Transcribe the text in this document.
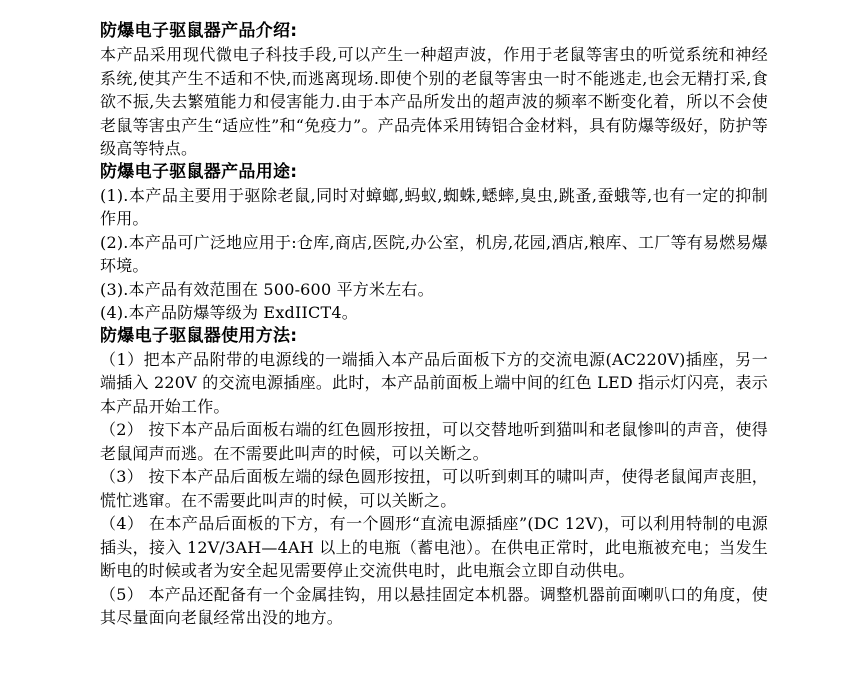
防爆电子驱鼠器产品介绍:

本产品采用现代微电子科技手段,可以产生一种超声波，作用于老鼠等害虫的听觉系统和神经系统,使其产生不适和不快,而逃离现场.即使个别的老鼠等害虫一时不能逃走,也会无精打采,食欲不振,失去繁殖能力和侵害能力.由于本产品所发出的超声波的频率不断变化着，所以不会使老鼠等害虫产生“适应性”和“免疫力”。产品壳体采用铸铝合金材料，具有防爆等级好，防护等级高等特点。

防爆电子驱鼠器产品用途:

(1).本产品主要用于驱除老鼠,同时对蟑螂,蚂蚁,蜘蛛,蟋蟀,臭虫,跳蚤,蚕蛾等,也有一定的抑制作用。

(2).本产品可广泛地应用于:仓库,商店,医院,办公室，机房,花园,酒店,粮库、工厂等有易燃易爆环境。

(3).本产品有效范围在 500-600 平方米左右。

(4).本产品防爆等级为 ExdIICT4。

防爆电子驱鼠器使用方法:

（1）把本产品附带的电源线的一端插入本产品后面板下方的交流电源(AC220V)插座，另一端插入 220V 的交流电源插座。此时，本产品前面板上端中间的红色 LED 指示灯闪亮，表示本产品开始工作。

（2） 按下本产品后面板右端的红色圆形按扭，可以交替地听到猫叫和老鼠惨叫的声音，使得老鼠闻声而逃。在不需要此叫声的时候，可以关断之。

（3） 按下本产品后面板左端的绿色圆形按扭，可以听到刺耳的啸叫声，使得老鼠闻声丧胆，慌忙逃窜。在不需要此叫声的时候，可以关断之。

（4） 在本产品后面板的下方，有一个圆形“直流电源插座”(DC 12V)，可以利用特制的电源插头，接入 12V/3AH—4AH 以上的电瓶（蓄电池）。在供电正常时，此电瓶被充电；当发生断电的时候或者为安全起见需要停止交流供电时，此电瓶会立即自动供电。

（5） 本产品还配备有一个金属挂钩，用以悬挂固定本机器。调整机器前面喇叭口的角度，使其尽量面向老鼠经常出没的地方。
